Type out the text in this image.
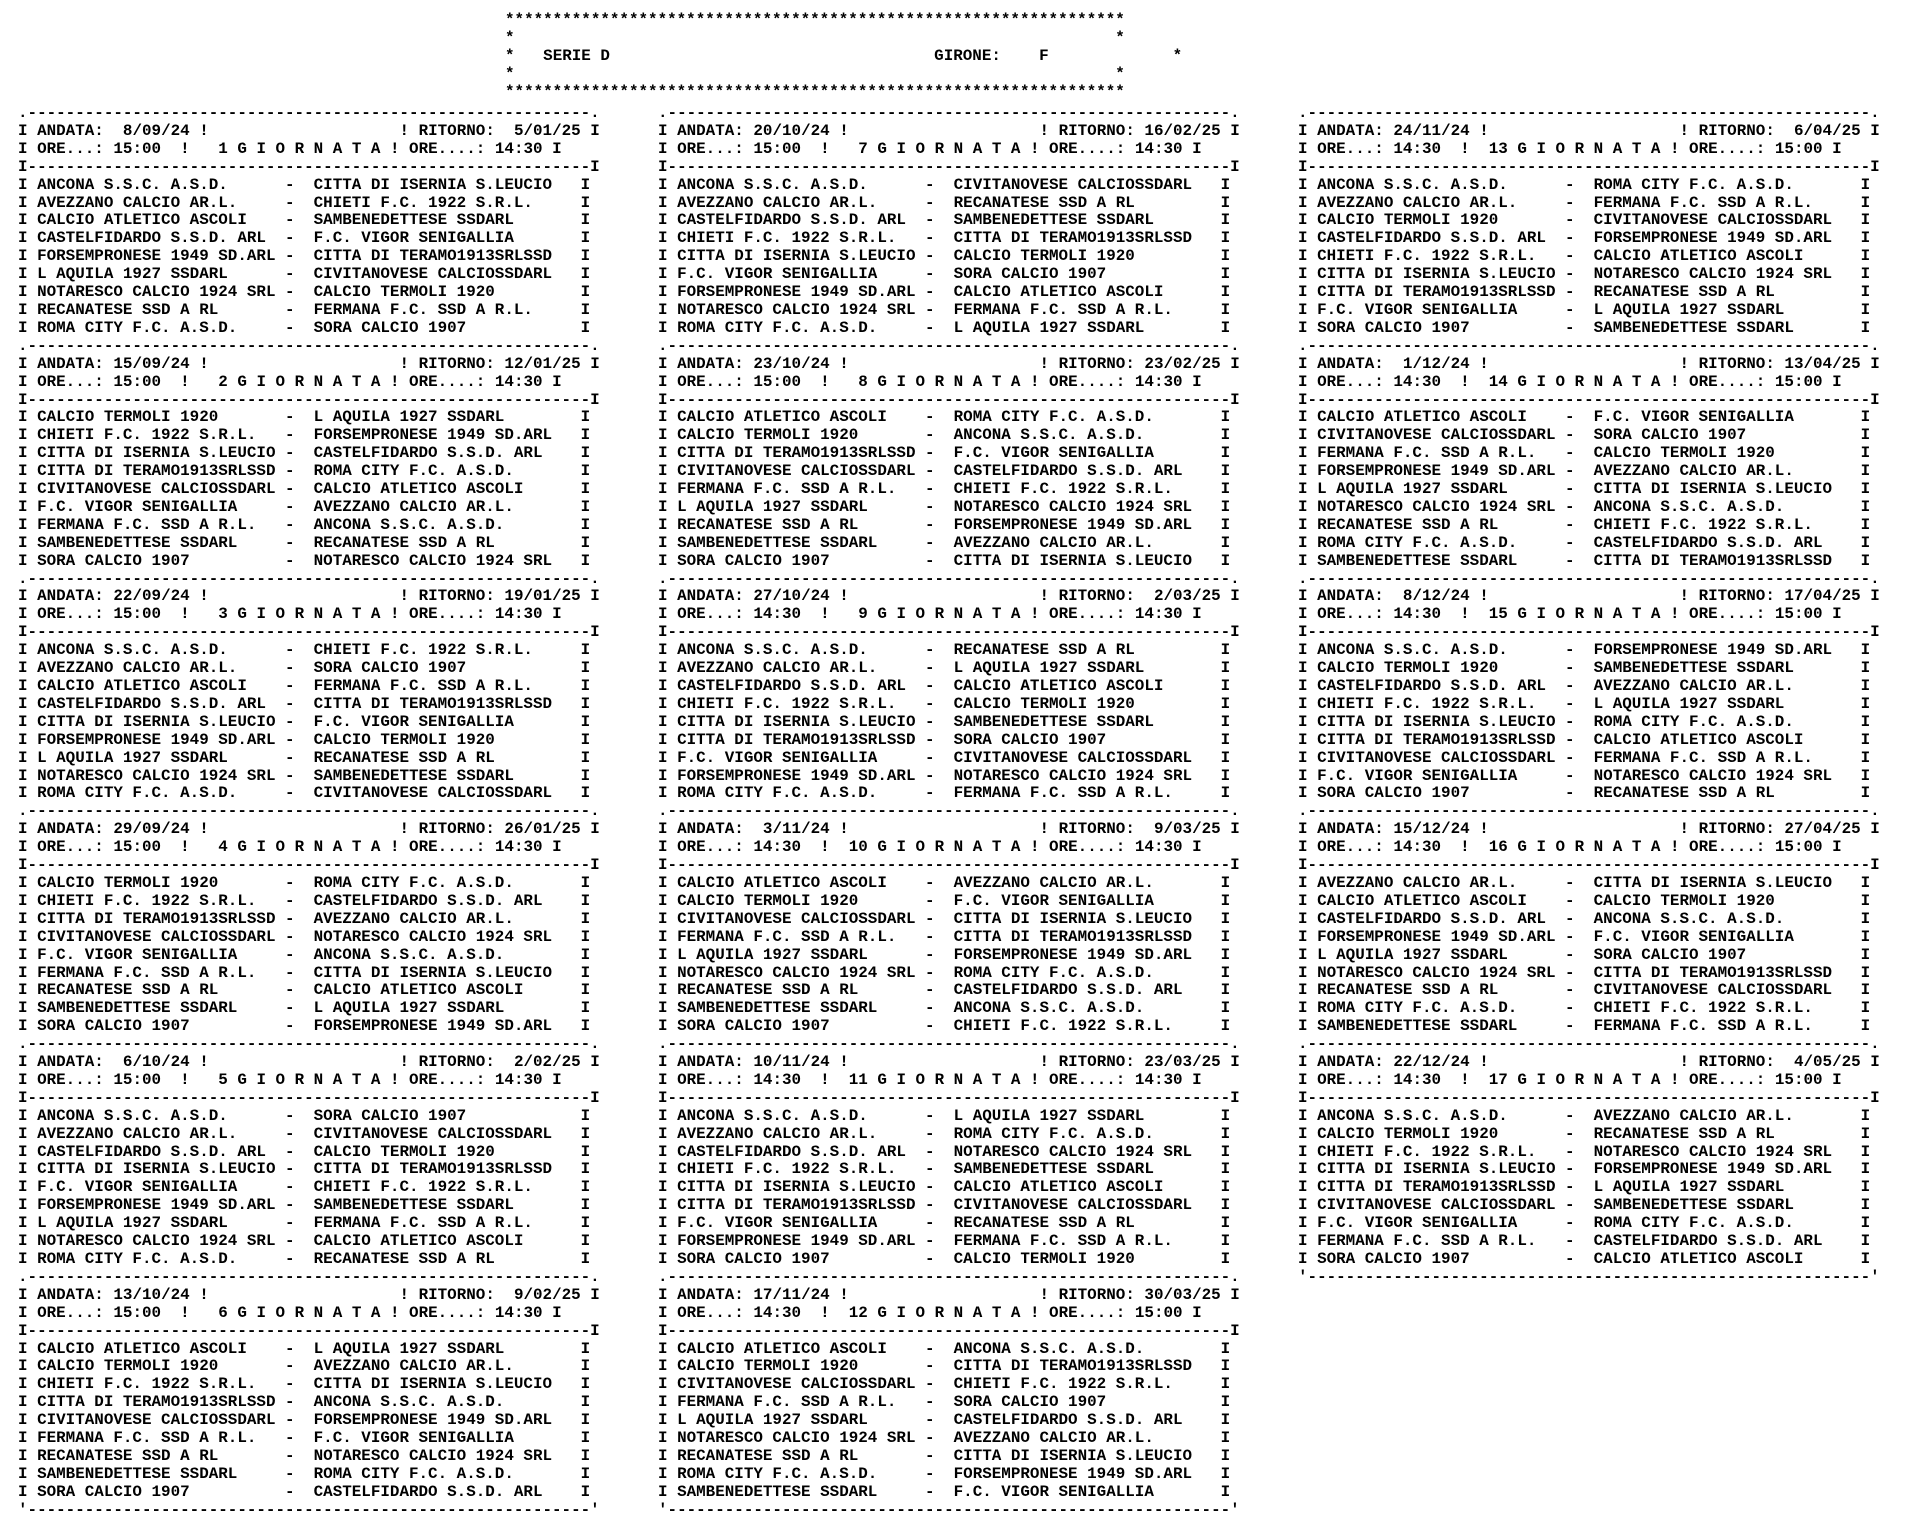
*****************************************************************
*                                                               *
*   SERIE D	GIRONE: F	*
*                                                               *
*****************************************************************
.-----------------------------------------------------------.
I ANDATA:  8/09/24 !                    ! RITORNO:  5/01/25 I
I ORE...: 15:00  !   1 G I O R N A T A ! ORE....: 14:30 I
I-----------------------------------------------------------I
I ANCONA S.S.C. A.S.D.      -  CITTA DI ISERNIA S.LEUCIO   I
I AVEZZANO CALCIO AR.L.     -  CHIETI F.C. 1922 S.R.L.     I
I CALCIO ATLETICO ASCOLI    -  SAMBENEDETTESE SSDARL       I
I CASTELFIDARDO S.S.D. ARL  -  F.C. VIGOR SENIGALLIA       I
I FORSEMPRONESE 1949 SD.ARL -  CITTA DI TERAMO1913SRLSSD   I
I L AQUILA 1927 SSDARL      -  CIVITANOVESE CALCIOSSDARL   I
I NOTARESCO CALCIO 1924 SRL -  CALCIO TERMOLI 1920         I
I RECANATESE SSD A RL       -  FERMANA F.C. SSD A R.L.     I
I ROMA CITY F.C. A.S.D.     -  SORA CALCIO 1907            I
.-----------------------------------------------------------.
I ANDATA: 15/09/24 !                    ! RITORNO: 12/01/25 I
I ORE...: 15:00  !   2 G I O R N A T A ! ORE....: 14:30 I
I-----------------------------------------------------------I
I CALCIO TERMOLI 1920       -  L AQUILA 1927 SSDARL        I
I CHIETI F.C. 1922 S.R.L.   -  FORSEMPRONESE 1949 SD.ARL   I
I CITTA DI ISERNIA S.LEUCIO -  CASTELFIDARDO S.S.D. ARL    I
I CITTA DI TERAMO1913SRLSSD -  ROMA CITY F.C. A.S.D.       I
I CIVITANOVESE CALCIOSSDARL -  CALCIO ATLETICO ASCOLI      I
I F.C. VIGOR SENIGALLIA     -  AVEZZANO CALCIO AR.L.       I
I FERMANA F.C. SSD A R.L.   -  ANCONA S.S.C. A.S.D.        I
I SAMBENEDETTESE SSDARL     -  RECANATESE SSD A RL         I
I SORA CALCIO 1907          -  NOTARESCO CALCIO 1924 SRL   I
.-----------------------------------------------------------.
I ANDATA: 22/09/24 !                    ! RITORNO: 19/01/25 I
I ORE...: 15:00  !   3 G I O R N A T A ! ORE....: 14:30 I
I-----------------------------------------------------------I
I ANCONA S.S.C. A.S.D.      -  CHIETI F.C. 1922 S.R.L.     I
I AVEZZANO CALCIO AR.L.     -  SORA CALCIO 1907            I
I CALCIO ATLETICO ASCOLI    -  FERMANA F.C. SSD A R.L.     I
I CASTELFIDARDO S.S.D. ARL  -  CITTA DI TERAMO1913SRLSSD   I
I CITTA DI ISERNIA S.LEUCIO -  F.C. VIGOR SENIGALLIA       I
I FORSEMPRONESE 1949 SD.ARL -  CALCIO TERMOLI 1920         I
I L AQUILA 1927 SSDARL      -  RECANATESE SSD A RL         I
I NOTARESCO CALCIO 1924 SRL -  SAMBENEDETTESE SSDARL       I
I ROMA CITY F.C. A.S.D.     -  CIVITANOVESE CALCIOSSDARL   I
.-----------------------------------------------------------.
I ANDATA: 29/09/24 !                    ! RITORNO: 26/01/25 I
I ORE...: 15:00  !   4 G I O R N A T A ! ORE....: 14:30 I
I-----------------------------------------------------------I
I CALCIO TERMOLI 1920       -  ROMA CITY F.C. A.S.D.       I
I CHIETI F.C. 1922 S.R.L.   -  CASTELFIDARDO S.S.D. ARL    I
I CITTA DI TERAMO1913SRLSSD -  AVEZZANO CALCIO AR.L.       I
I CIVITANOVESE CALCIOSSDARL -  NOTARESCO CALCIO 1924 SRL   I
I F.C. VIGOR SENIGALLIA     -  ANCONA S.S.C. A.S.D.        I
I FERMANA F.C. SSD A R.L.   -  CITTA DI ISERNIA S.LEUCIO   I
I RECANATESE SSD A RL       -  CALCIO ATLETICO ASCOLI      I
I SAMBENEDETTESE SSDARL     -  L AQUILA 1927 SSDARL        I
I SORA CALCIO 1907          -  FORSEMPRONESE 1949 SD.ARL   I
.-----------------------------------------------------------.
I ANDATA:  6/10/24 !                    ! RITORNO:  2/02/25 I
I ORE...: 15:00  !   5 G I O R N A T A ! ORE....: 14:30 I
I-----------------------------------------------------------I
I ANCONA S.S.C. A.S.D.      -  SORA CALCIO 1907            I
I AVEZZANO CALCIO AR.L.     -  CIVITANOVESE CALCIOSSDARL   I
I CASTELFIDARDO S.S.D. ARL  -  CALCIO TERMOLI 1920         I
I CITTA DI ISERNIA S.LEUCIO -  CITTA DI TERAMO1913SRLSSD   I
I F.C. VIGOR SENIGALLIA     -  CHIETI F.C. 1922 S.R.L.     I
I FORSEMPRONESE 1949 SD.ARL -  SAMBENEDETTESE SSDARL       I
I L AQUILA 1927 SSDARL      -  FERMANA F.C. SSD A R.L.     I
I NOTARESCO CALCIO 1924 SRL -  CALCIO ATLETICO ASCOLI      I
I ROMA CITY F.C. A.S.D.     -  RECANATESE SSD A RL         I
.-----------------------------------------------------------.
I ANDATA: 13/10/24 !                    ! RITORNO:  9/02/25 I
I ORE...: 15:00  !   6 G I O R N A T A ! ORE....: 14:30 I
I-----------------------------------------------------------I
I CALCIO ATLETICO ASCOLI    -  L AQUILA 1927 SSDARL        I
I CALCIO TERMOLI 1920       -  AVEZZANO CALCIO AR.L.       I
I CHIETI F.C. 1922 S.R.L.   -  CITTA DI ISERNIA S.LEUCIO   I
I CITTA DI TERAMO1913SRLSSD -  ANCONA S.S.C. A.S.D.        I
I CIVITANOVESE CALCIOSSDARL -  FORSEMPRONESE 1949 SD.ARL   I
I FERMANA F.C. SSD A R.L.   -  F.C. VIGOR SENIGALLIA       I
I RECANATESE SSD A RL       -  NOTARESCO CALCIO 1924 SRL   I
I SAMBENEDETTESE SSDARL     -  ROMA CITY F.C. A.S.D.       I
I SORA CALCIO 1907          -  CASTELFIDARDO S.S.D. ARL    I
'-----------------------------------------------------------'

.-----------------------------------------------------------.
I ANDATA: 20/10/24 !                    ! RITORNO: 16/02/25 I
I ORE...: 15:00  !   7 G I O R N A T A ! ORE....: 14:30 I
I-----------------------------------------------------------I
I ANCONA S.S.C. A.S.D.      -  CIVITANOVESE CALCIOSSDARL   I
I AVEZZANO CALCIO AR.L.     -  RECANATESE SSD A RL         I
I CASTELFIDARDO S.S.D. ARL  -  SAMBENEDETTESE SSDARL       I
I CHIETI F.C. 1922 S.R.L.   -  CITTA DI TERAMO1913SRLSSD   I
I CITTA DI ISERNIA S.LEUCIO -  CALCIO TERMOLI 1920         I
I F.C. VIGOR SENIGALLIA     -  SORA CALCIO 1907            I
I FORSEMPRONESE 1949 SD.ARL -  CALCIO ATLETICO ASCOLI      I
I NOTARESCO CALCIO 1924 SRL -  FERMANA F.C. SSD A R.L.     I
I ROMA CITY F.C. A.S.D.     -  L AQUILA 1927 SSDARL        I
.-----------------------------------------------------------.
I ANDATA: 23/10/24 !                    ! RITORNO: 23/02/25 I
I ORE...: 15:00  !   8 G I O R N A T A ! ORE....: 14:30 I
I-----------------------------------------------------------I
I CALCIO ATLETICO ASCOLI    -  ROMA CITY F.C. A.S.D.       I
I CALCIO TERMOLI 1920       -  ANCONA S.S.C. A.S.D.        I
I CITTA DI TERAMO1913SRLSSD -  F.C. VIGOR SENIGALLIA       I
I CIVITANOVESE CALCIOSSDARL -  CASTELFIDARDO S.S.D. ARL    I
I FERMANA F.C. SSD A R.L.   -  CHIETI F.C. 1922 S.R.L.     I
I L AQUILA 1927 SSDARL      -  NOTARESCO CALCIO 1924 SRL   I
I RECANATESE SSD A RL       -  FORSEMPRONESE 1949 SD.ARL   I
I SAMBENEDETTESE SSDARL     -  AVEZZANO CALCIO AR.L.       I
I SORA CALCIO 1907          -  CITTA DI ISERNIA S.LEUCIO   I
.-----------------------------------------------------------.
I ANDATA: 27/10/24 !                    ! RITORNO:  2/03/25 I
I ORE...: 14:30  !   9 G I O R N A T A ! ORE....: 14:30 I
I-----------------------------------------------------------I
I ANCONA S.S.C. A.S.D.      -  RECANATESE SSD A RL         I
I AVEZZANO CALCIO AR.L.     -  L AQUILA 1927 SSDARL        I
I CASTELFIDARDO S.S.D. ARL  -  CALCIO ATLETICO ASCOLI      I
I CHIETI F.C. 1922 S.R.L.   -  CALCIO TERMOLI 1920         I
I CITTA DI ISERNIA S.LEUCIO -  SAMBENEDETTESE SSDARL       I
I CITTA DI TERAMO1913SRLSSD -  SORA CALCIO 1907            I
I F.C. VIGOR SENIGALLIA     -  CIVITANOVESE CALCIOSSDARL   I
I FORSEMPRONESE 1949 SD.ARL -  NOTARESCO CALCIO 1924 SRL   I
I ROMA CITY F.C. A.S.D.     -  FERMANA F.C. SSD A R.L.     I
.-----------------------------------------------------------.
I ANDATA:  3/11/24 !                    ! RITORNO:  9/03/25 I
I ORE...: 14:30  !  10 G I O R N A T A ! ORE....: 14:30 I
I-----------------------------------------------------------I
I CALCIO ATLETICO ASCOLI    -  AVEZZANO CALCIO AR.L.       I
I CALCIO TERMOLI 1920       -  F.C. VIGOR SENIGALLIA       I
I CIVITANOVESE CALCIOSSDARL -  CITTA DI ISERNIA S.LEUCIO   I
I FERMANA F.C. SSD A R.L.   -  CITTA DI TERAMO1913SRLSSD   I
I L AQUILA 1927 SSDARL      -  FORSEMPRONESE 1949 SD.ARL   I
I NOTARESCO CALCIO 1924 SRL -  ROMA CITY F.C. A.S.D.       I
I RECANATESE SSD A RL       -  CASTELFIDARDO S.S.D. ARL    I
I SAMBENEDETTESE SSDARL     -  ANCONA S.S.C. A.S.D.        I
I SORA CALCIO 1907          -  CHIETI F.C. 1922 S.R.L.     I
.-----------------------------------------------------------.
I ANDATA: 10/11/24 !                    ! RITORNO: 23/03/25 I
I ORE...: 14:30  !  11 G I O R N A T A ! ORE....: 14:30 I
I-----------------------------------------------------------I
I ANCONA S.S.C. A.S.D.      -  L AQUILA 1927 SSDARL        I
I AVEZZANO CALCIO AR.L.     -  ROMA CITY F.C. A.S.D.       I
I CASTELFIDARDO S.S.D. ARL  -  NOTARESCO CALCIO 1924 SRL   I
I CHIETI F.C. 1922 S.R.L.   -  SAMBENEDETTESE SSDARL       I
I CITTA DI ISERNIA S.LEUCIO -  CALCIO ATLETICO ASCOLI      I
I CITTA DI TERAMO1913SRLSSD -  CIVITANOVESE CALCIOSSDARL   I
I F.C. VIGOR SENIGALLIA     -  RECANATESE SSD A RL         I
I FORSEMPRONESE 1949 SD.ARL -  FERMANA F.C. SSD A R.L.     I
I SORA CALCIO 1907          -  CALCIO TERMOLI 1920         I
.-----------------------------------------------------------.
I ANDATA: 17/11/24 !                    ! RITORNO: 30/03/25 I
I ORE...: 14:30  !  12 G I O R N A T A ! ORE....: 15:00 I
I-----------------------------------------------------------I
I CALCIO ATLETICO ASCOLI    -  ANCONA S.S.C. A.S.D.        I
I CALCIO TERMOLI 1920       -  CITTA DI TERAMO1913SRLSSD   I
I CIVITANOVESE CALCIOSSDARL -  CHIETI F.C. 1922 S.R.L.     I
I FERMANA F.C. SSD A R.L.   -  SORA CALCIO 1907            I
I L AQUILA 1927 SSDARL      -  CASTELFIDARDO S.S.D. ARL    I
I NOTARESCO CALCIO 1924 SRL -  AVEZZANO CALCIO AR.L.       I
I RECANATESE SSD A RL       -  CITTA DI ISERNIA S.LEUCIO   I
I ROMA CITY F.C. A.S.D.     -  FORSEMPRONESE 1949 SD.ARL   I
I SAMBENEDETTESE SSDARL     -  F.C. VIGOR SENIGALLIA       I
'-----------------------------------------------------------'

.-----------------------------------------------------------.
I ANDATA: 24/11/24 !                    ! RITORNO:  6/04/25 I
I ORE...: 14:30  !  13 G I O R N A T A ! ORE....: 15:00 I
I-----------------------------------------------------------I
I ANCONA S.S.C. A.S.D.      -  ROMA CITY F.C. A.S.D.       I
I AVEZZANO CALCIO AR.L.     -  FERMANA F.C. SSD A R.L.     I
I CALCIO TERMOLI 1920       -  CIVITANOVESE CALCIOSSDARL   I
I CASTELFIDARDO S.S.D. ARL  -  FORSEMPRONESE 1949 SD.ARL   I
I CHIETI F.C. 1922 S.R.L.   -  CALCIO ATLETICO ASCOLI      I
I CITTA DI ISERNIA S.LEUCIO -  NOTARESCO CALCIO 1924 SRL   I
I CITTA DI TERAMO1913SRLSSD -  RECANATESE SSD A RL         I
I F.C. VIGOR SENIGALLIA     -  L AQUILA 1927 SSDARL        I
I SORA CALCIO 1907          -  SAMBENEDETTESE SSDARL       I
.-----------------------------------------------------------.
I ANDATA:  1/12/24 !                    ! RITORNO: 13/04/25 I
I ORE...: 14:30  !  14 G I O R N A T A ! ORE....: 15:00 I
I-----------------------------------------------------------I
I CALCIO ATLETICO ASCOLI    -  F.C. VIGOR SENIGALLIA       I
I CIVITANOVESE CALCIOSSDARL -  SORA CALCIO 1907            I
I FERMANA F.C. SSD A R.L.   -  CALCIO TERMOLI 1920         I
I FORSEMPRONESE 1949 SD.ARL -  AVEZZANO CALCIO AR.L.       I
I L AQUILA 1927 SSDARL      -  CITTA DI ISERNIA S.LEUCIO   I
I NOTARESCO CALCIO 1924 SRL -  ANCONA S.S.C. A.S.D.        I
I RECANATESE SSD A RL       -  CHIETI F.C. 1922 S.R.L.     I
I ROMA CITY F.C. A.S.D.     -  CASTELFIDARDO S.S.D. ARL    I
I SAMBENEDETTESE SSDARL     -  CITTA DI TERAMO1913SRLSSD   I
.-----------------------------------------------------------.
I ANDATA:  8/12/24 !                    ! RITORNO: 17/04/25 I
I ORE...: 14:30  !  15 G I O R N A T A ! ORE....: 15:00 I
I-----------------------------------------------------------I
I ANCONA S.S.C. A.S.D.      -  FORSEMPRONESE 1949 SD.ARL   I
I CALCIO TERMOLI 1920       -  SAMBENEDETTESE SSDARL       I
I CASTELFIDARDO S.S.D. ARL  -  AVEZZANO CALCIO AR.L.       I
I CHIETI F.C. 1922 S.R.L.   -  L AQUILA 1927 SSDARL        I
I CITTA DI ISERNIA S.LEUCIO -  ROMA CITY F.C. A.S.D.       I
I CITTA DI TERAMO1913SRLSSD -  CALCIO ATLETICO ASCOLI      I
I CIVITANOVESE CALCIOSSDARL -  FERMANA F.C. SSD A R.L.     I
I F.C. VIGOR SENIGALLIA     -  NOTARESCO CALCIO 1924 SRL   I
I SORA CALCIO 1907          -  RECANATESE SSD A RL         I
.-----------------------------------------------------------.
I ANDATA: 15/12/24 !                    ! RITORNO: 27/04/25 I
I ORE...: 14:30  !  16 G I O R N A T A ! ORE....: 15:00 I
I-----------------------------------------------------------I
I AVEZZANO CALCIO AR.L.     -  CITTA DI ISERNIA S.LEUCIO   I
I CALCIO ATLETICO ASCOLI    -  CALCIO TERMOLI 1920         I
I CASTELFIDARDO S.S.D. ARL  -  ANCONA S.S.C. A.S.D.        I
I FORSEMPRONESE 1949 SD.ARL -  F.C. VIGOR SENIGALLIA       I
I L AQUILA 1927 SSDARL      -  SORA CALCIO 1907            I
I NOTARESCO CALCIO 1924 SRL -  CITTA DI TERAMO1913SRLSSD   I
I RECANATESE SSD A RL       -  CIVITANOVESE CALCIOSSDARL   I
I ROMA CITY F.C. A.S.D.     -  CHIETI F.C. 1922 S.R.L.     I
I SAMBENEDETTESE SSDARL     -  FERMANA F.C. SSD A R.L.     I
.-----------------------------------------------------------.
I ANDATA: 22/12/24 !                    ! RITORNO:  4/05/25 I
I ORE...: 14:30  !  17 G I O R N A T A ! ORE....: 15:00 I
I-----------------------------------------------------------I
I ANCONA S.S.C. A.S.D.      -  AVEZZANO CALCIO AR.L.       I
I CALCIO TERMOLI 1920       -  RECANATESE SSD A RL         I
I CHIETI F.C. 1922 S.R.L.   -  NOTARESCO CALCIO 1924 SRL   I
I CITTA DI ISERNIA S.LEUCIO -  FORSEMPRONESE 1949 SD.ARL   I
I CITTA DI TERAMO1913SRLSSD -  L AQUILA 1927 SSDARL        I
I CIVITANOVESE CALCIOSSDARL -  SAMBENEDETTESE SSDARL       I
I F.C. VIGOR SENIGALLIA     -  ROMA CITY F.C. A.S.D.       I
I FERMANA F.C. SSD A R.L.   -  CASTELFIDARDO S.S.D. ARL    I
I SORA CALCIO 1907          -  CALCIO ATLETICO ASCOLI      I
'-----------------------------------------------------------'
